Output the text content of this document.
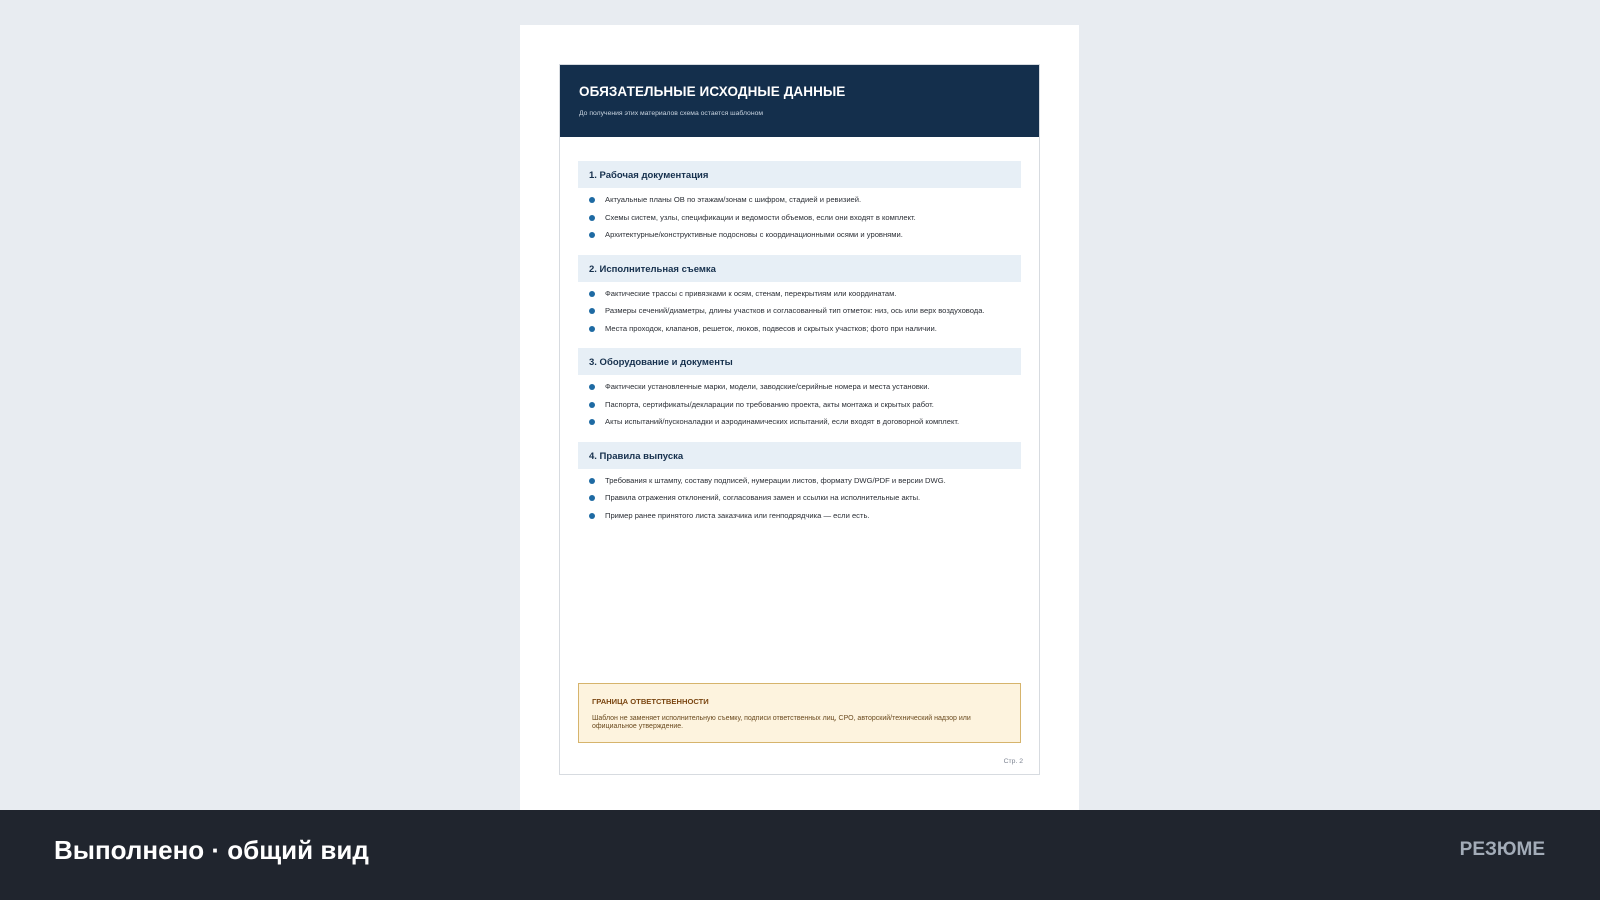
ОБЯЗАТЕЛЬНЫЕ ИСХОДНЫЕ ДАННЫЕ
До получения этих материалов схема остается шаблоном
1. Рабочая документация
Актуальные планы ОВ по этажам/зонам с шифром, стадией и ревизией.
Схемы систем, узлы, спецификации и ведомости объемов, если они входят в комплект.
Архитектурные/конструктивные подосновы с координационными осями и уровнями.
2. Исполнительная съемка
Фактические трассы с привязками к осям, стенам, перекрытиям или координатам.
Размеры сечений/диаметры, длины участков и согласованный тип отметок: низ, ось или верх воздуховода.
Места проходок, клапанов, решеток, люков, подвесов и скрытых участков; фото при наличии.
3. Оборудование и документы
Фактически установленные марки, модели, заводские/серийные номера и места установки.
Паспорта, сертификаты/декларации по требованию проекта, акты монтажа и скрытых работ.
Акты испытаний/пусконаладки и аэродинамических испытаний, если входят в договорной комплект.
4. Правила выпуска
Требования к штампу, составу подписей, нумерации листов, формату DWG/PDF и версии DWG.
Правила отражения отклонений, согласования замен и ссылки на исполнительные акты.
Пример ранее принятого листа заказчика или генподрядчика — если есть.
ГРАНИЦА ОТВЕТСТВЕННОСТИ
Шаблон не заменяет исполнительную съемку, подписи ответственных лиц, СРО, авторский/технический надзор или официальное утверждение.
Стр. 2
Выполнено · общий вид	РЕЗЮМЕ
